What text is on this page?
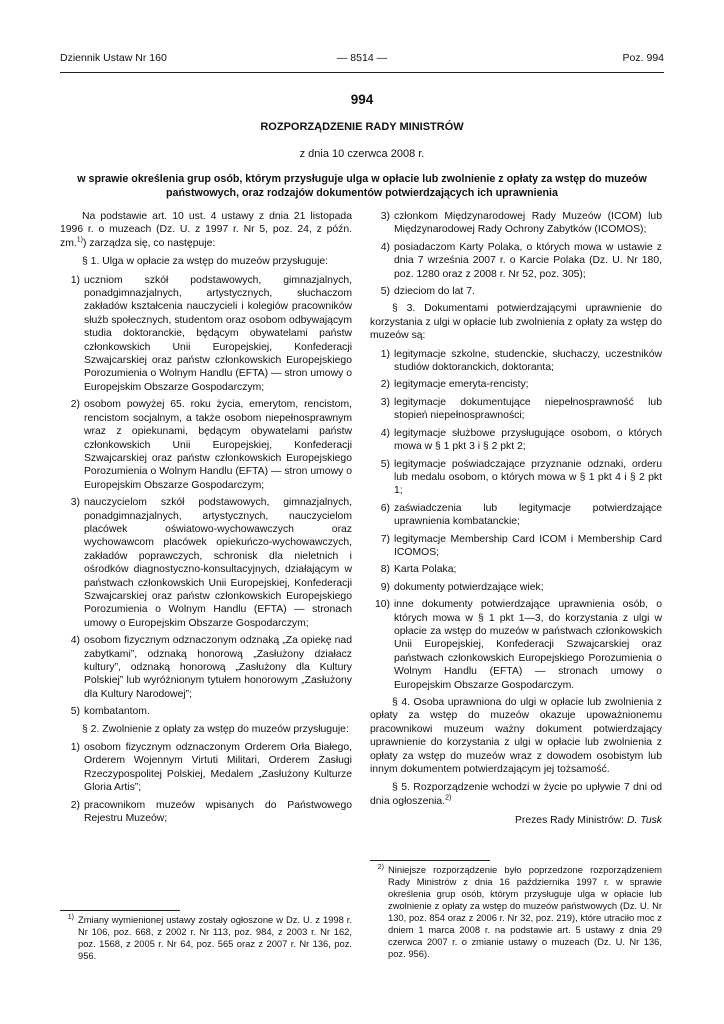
Dziennik Ustaw Nr 160	— 8514 —	Poz. 994
994
ROZPORZĄDZENIE RADY MINISTRÓW
z dnia 10 czerwca 2008 r.
w sprawie określenia grup osób, którym przysługuje ulga w opłacie lub zwolnienie z opłaty za wstęp do muzeów państwowych, oraz rodzajów dokumentów potwierdzających ich uprawnienia

Na podstawie art. 10 ust. 4 ustawy z dnia 21 listopada 1996 r. o muzeach (Dz. U. z 1997 r. Nr 5, poz. 24, z późn. zm.$^{1)}$) zarządza się, co następuje:

§ 1. Ulga w opłacie za wstęp do muzeów przysługuje:

1) uczniom szkół podstawowych, gimnazjalnych, ponadgimnazjalnych, artystycznych, słuchaczom zakładów kształcenia nauczycieli i kolegiów pracowników służb społecznych, studentom oraz osobom odbywającym studia doktoranckie, będącym obywatelami państw członkowskich Unii Europejskiej, Konfederacji Szwajcarskiej oraz państw członkowskich Europejskiego Porozumienia o Wolnym Handlu (EFTA) — stron umowy o Europejskim Obszarze Gospodarczym;
2) osobom powyżej 65. roku życia, emerytom, rencistom, rencistom socjalnym, a także osobom niepełnosprawnym wraz z opiekunami, będącym obywatelami państw członkowskich Unii Europejskiej, Konfederacji Szwajcarskiej oraz państw członkowskich Europejskiego Porozumienia o Wolnym Handlu (EFTA) — stron umowy o Europejskim Obszarze Gospodarczym;
3) nauczycielom szkół podstawowych, gimnazjalnych, ponadgimnazjalnych, artystycznych, nauczycielom placówek oświatowo-wychowawczych oraz wychowawcom placówek opiekuńczo-wychowawczych, zakładów poprawczych, schronisk dla nieletnich i ośrodków diagnostyczno-konsultacyjnych, działającym w państwach członkowskich Unii Europejskiej, Konfederacji Szwajcarskiej oraz państw członkowskich Europejskiego Porozumienia o Wolnym Handlu (EFTA) — stronach umowy o Europejskim Obszarze Gospodarczym;
4) osobom fizycznym odznaczonym odznaką „Za opiekę nad zabytkami”, odznaką honorową „Zasłużony działacz kultury”, odznaką honorową „Zasłużony dla Kultury Polskiej” lub wyróżnionym tytułem honorowym „Zasłużony dla Kultury Narodowej”;
5) kombatantom.

§ 2. Zwolnienie z opłaty za wstęp do muzeów przysługuje:

1) osobom fizycznym odznaczonym Orderem Orła Białego, Orderem Wojennym Virtuti Militari, Orderem Zasługi Rzeczypospolitej Polskiej, Medalem „Zasłużony Kulturze Gloria Artis”;
2) pracownikom muzeów wpisanych do Państwowego Rejestru Muzeów;
3) członkom Międzynarodowej Rady Muzeów (ICOM) lub Międzynarodowej Rady Ochrony Zabytków (ICOMOS);
4) posiadaczom Karty Polaka, o których mowa w ustawie z dnia 7 września 2007 r. o Karcie Polaka (Dz. U. Nr 180, poz. 1280 oraz z 2008 r. Nr 52, poz. 305);
5) dzieciom do lat 7.

§ 3. Dokumentami potwierdzającymi uprawnienie do korzystania z ulgi w opłacie lub zwolnienia z opłaty za wstęp do muzeów są:

1) legitymacje szkolne, studenckie, słuchaczy, uczestników studiów doktoranckich, doktoranta;
2) legitymacje emeryta-rencisty;
3) legitymacje dokumentujące niepełnosprawność lub stopień niepełnosprawności;
4) legitymacje służbowe przysługujące osobom, o których mowa w § 1 pkt 3 i § 2 pkt 2;
5) legitymacje poświadczające przyznanie odznaki, orderu lub medalu osobom, o których mowa w § 1 pkt 4 i § 2 pkt 1;
6) zaświadczenia lub legitymacje potwierdzające uprawnienia kombatanckie;
7) legitymacje Membership Card ICOM i Membership Card ICOMOS;
8) Karta Polaka;
9) dokumenty potwierdzające wiek;
10) inne dokumenty potwierdzające uprawnienia osób, o których mowa w § 1 pkt 1—3, do korzystania z ulgi w opłacie za wstęp do muzeów w państwach członkowskich Unii Europejskiej, Konfederacji Szwajcarskiej oraz państwach członkowskich Europejskiego Porozumienia o Wolnym Handlu (EFTA) — stronach umowy o Europejskim Obszarze Gospodarczym.

§ 4. Osoba uprawniona do ulgi w opłacie lub zwolnienia z opłaty za wstęp do muzeów okazuje upoważnionemu pracownikowi muzeum ważny dokument potwierdzający uprawnienie do korzystania z ulgi w opłacie lub zwolnienia z opłaty za wstęp do muzeów wraz z dowodem osobistym lub innym dokumentem potwierdzającym jej tożsamość.

§ 5. Rozporządzenie wchodzi w życie po upływie 7 dni od dnia ogłoszenia.$^{2)}$

Prezes Rady Ministrów: D. Tusk
$^{1)}$ Zmiany wymienionej ustawy zostały ogłoszone w Dz. U. z 1998 r. Nr 106, poz. 668, z 2002 r. Nr 113, poz. 984, z 2003 r. Nr 162, poz. 1568, z 2005 r. Nr 64, poz. 565 oraz z 2007 r. Nr 136, poz. 956.
$^{2)}$ Niniejsze rozporządzenie było poprzedzone rozporządzeniem Rady Ministrów z dnia 16 października 1997 r. w sprawie określenia grup osób, którym przysługuje ulga w opłacie lub zwolnienie z opłaty za wstęp do muzeów państwowych (Dz. U. Nr 130, poz. 854 oraz z 2006 r. Nr 32, poz. 219), które utraciło moc z dniem 1 marca 2008 r. na podstawie art. 5 ustawy z dnia 29 czerwca 2007 r. o zmianie ustawy o muzeach (Dz. U. Nr 136, poz. 956).
